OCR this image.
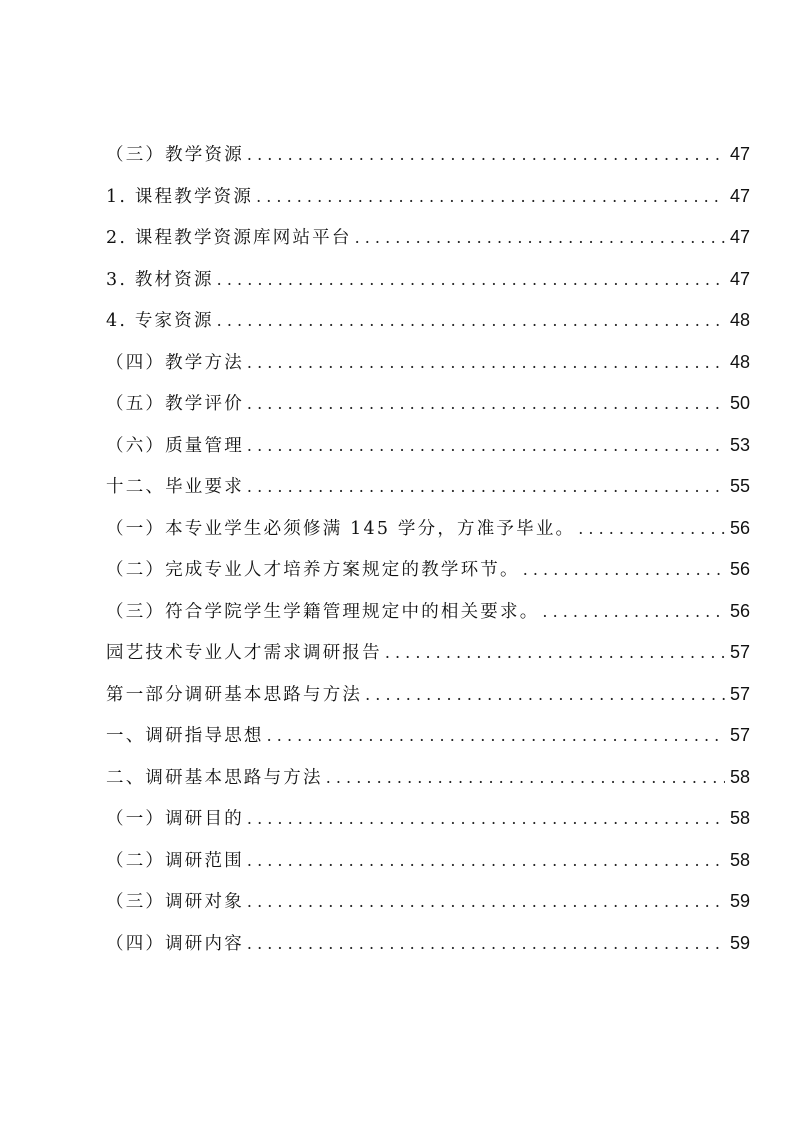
（三）教学资源 . . .	47
1. 课程教学资源 . . .	47
2. 课程教学资源库网站平台 . . .	47
3. 教材资源 . . .	47
4. 专家资源 . . .	48
（四）教学方法 . . .	48
（五）教学评价 . . .	50
（六）质量管理 . . .	53
十二、毕业要求 . . .	55
（一）本专业学生必须修满 145 学分，方准予毕业。 . . .	56
（二）完成专业人才培养方案规定的教学环节。 . . .	56
（三）符合学院学生学籍管理规定中的相关要求。 . . .	56
园艺技术专业人才需求调研报告 . . .	57
第一部分调研基本思路与方法 . . .	57
一、调研指导思想 . . .	57
二、调研基本思路与方法 . . .	58
（一）调研目的 . . .	58
（二）调研范围 . . .	58
（三）调研对象 . . .	59
（四）调研内容 . . .	59
